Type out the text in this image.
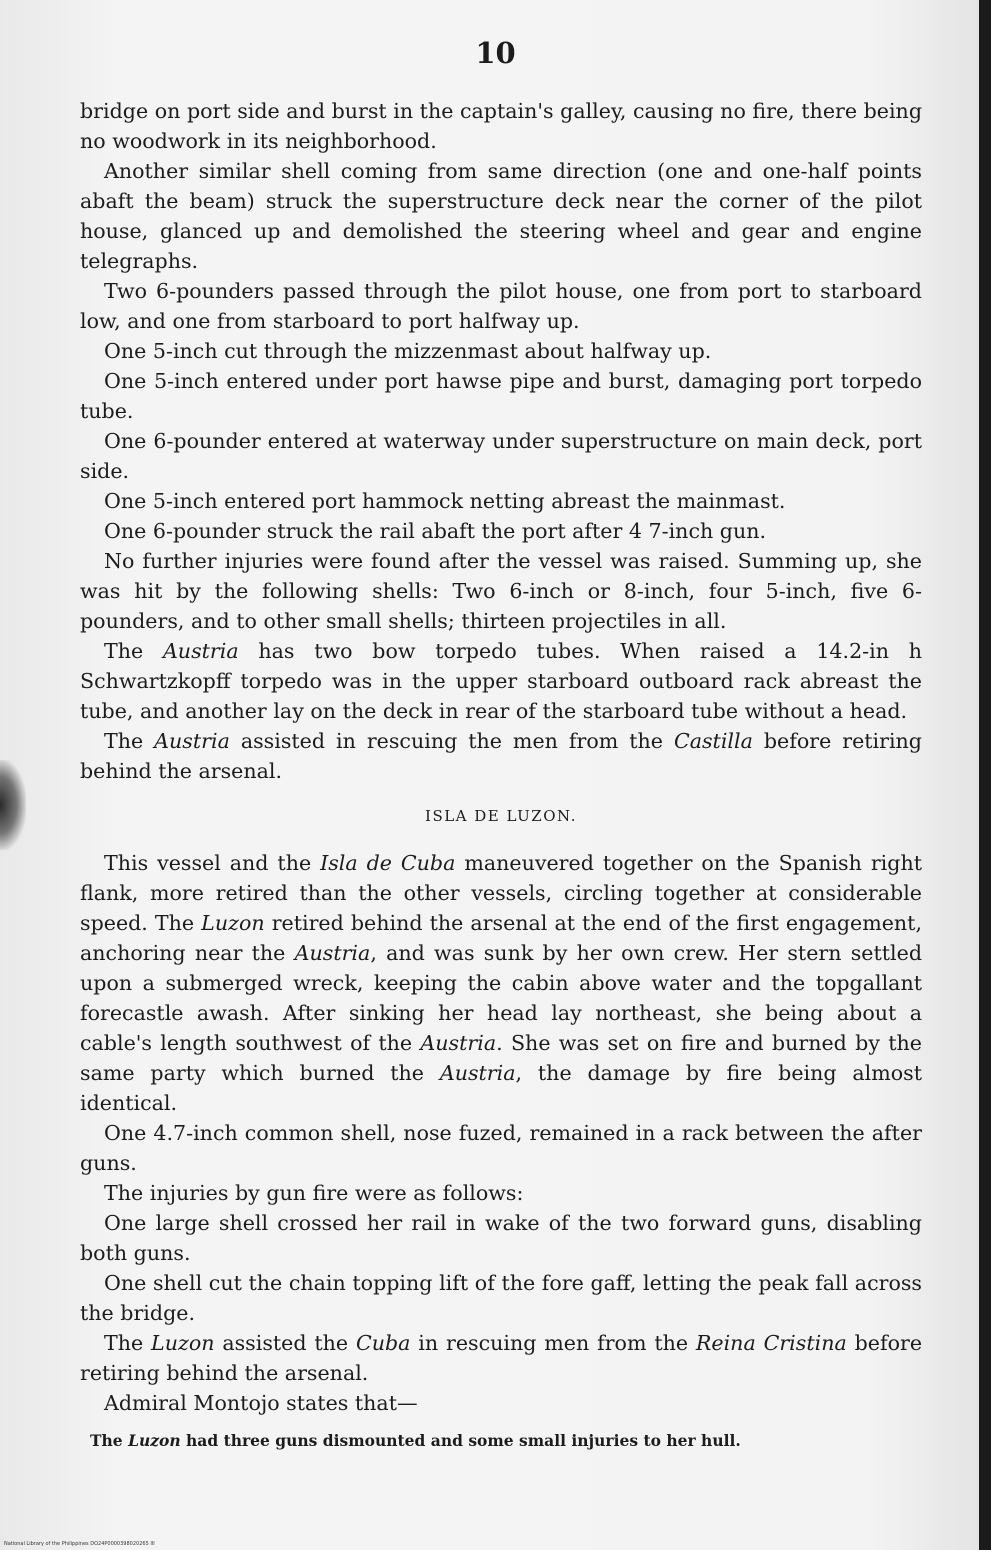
10

bridge on port side and burst in the captain's galley, causing no fire, there being no woodwork in its neighborhood.

Another similar shell coming from same direction (one and one-half points abaft the beam) struck the superstructure deck near the corner of the pilot house, glanced up and demolished the steering wheel and gear and engine telegraphs.

Two 6-pounders passed through the pilot house, one from port to starboard low, and one from starboard to port halfway up.

One 5-inch cut through the mizzenmast about halfway up.

One 5-inch entered under port hawse pipe and burst, damaging port torpedo tube.

One 6-pounder entered at waterway under superstructure on main deck, port side.

One 5-inch entered port hammock netting abreast the mainmast.

One 6-pounder struck the rail abaft the port after 4 7-inch gun.

No further injuries were found after the vessel was raised. Summing up, she was hit by the following shells: Two 6-inch or 8-inch, four 5-inch, five 6-pounders, and to other small shells; thirteen projectiles in all.

The Austria has two bow torpedo tubes. When raised a 14.2-in h Schwartzkopff torpedo was in the upper starboard outboard rack abreast the tube, and another lay on the deck in rear of the starboard tube without a head.

The Austria assisted in rescuing the men from the Castilla before retiring behind the arsenal.

ISLA DE LUZON.

This vessel and the Isla de Cuba maneuvered together on the Spanish right flank, more retired than the other vessels, circling together at considerable speed. The Luzon retired behind the arsenal at the end of the first engagement, anchoring near the Austria, and was sunk by her own crew. Her stern settled upon a submerged wreck, keeping the cabin above water and the topgallant forecastle awash. After sinking her head lay northeast, she being about a cable's length southwest of the Austria. She was set on fire and burned by the same party which burned the Austria, the damage by fire being almost identical.

One 4.7-inch common shell, nose fuzed, remained in a rack between the after guns.

The injuries by gun fire were as follows:

One large shell crossed her rail in wake of the two forward guns, disabling both guns.

One shell cut the chain topping lift of the fore gaff, letting the peak fall across the bridge.

The Luzon assisted the Cuba in rescuing men from the Reina Cristina before retiring behind the arsenal.

Admiral Montojo states that—

The Luzon had three guns dismounted and some small injuries to her hull.

National Library of the Philippines DO24P0000398020265 III
